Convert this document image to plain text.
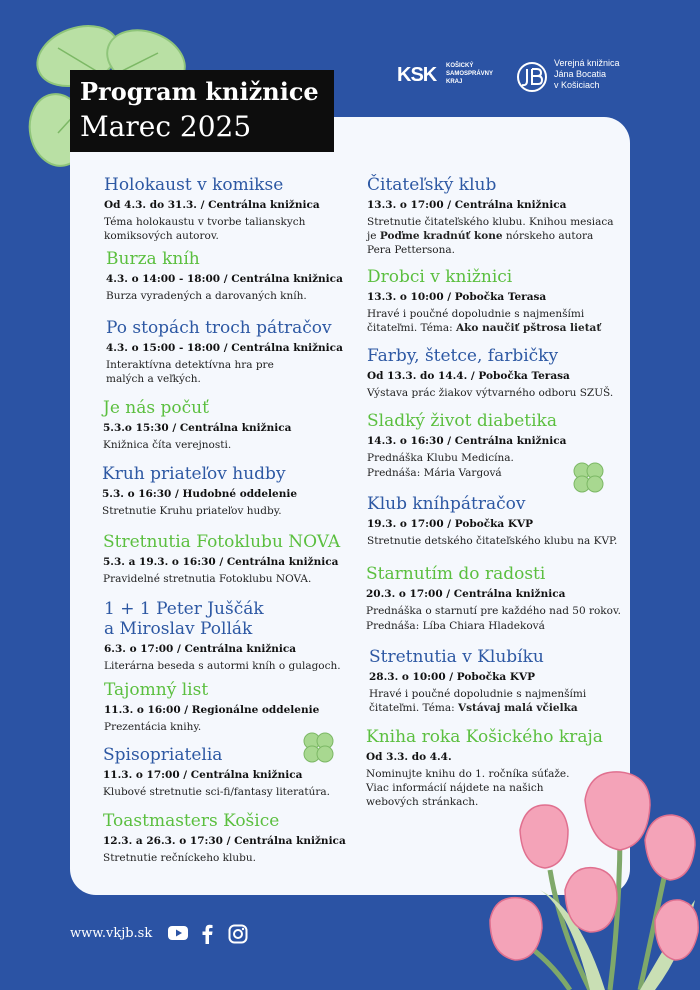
Program knižnice
Marec 2025
KSK KOŠICKÝ
SAMOSPRÁVNY
KRAJ
Verejná knižnica
Jána Bocatia
v Košiciach
Holokaust v komikse
Od 4.3. do 31.3. / Centrálna knižnica
Téma holokaustu v tvorbe talianskych komiksových autorov.
Burza kníh
4.3. o 14:00 - 18:00 / Centrálna knižnica
Burza vyradených a darovaných kníh.
Po stopách troch pátračov
4.3. o 15:00 - 18:00 / Centrálna knižnica
Interaktívna detektívna hra pre malých a veľkých.
Je nás počuť
5.3.o 15:30 / Centrálna knižnica
Knižnica číta verejnosti.
Kruh priateľov hudby
5.3. o 16:30 / Hudobné oddelenie
Stretnutie Kruhu priateľov hudby.
Stretnutia Fotoklubu NOVA
5.3. a 19.3. o 16:30 / Centrálna knižnica
Pravidelné stretnutia Fotoklubu NOVA.
1 + 1 Peter Juščák
a Miroslav Pollák
6.3. o 17:00 / Centrálna knižnica
Literárna beseda s autormi kníh o gulagoch.
Tajomný list
11.3. o 16:00 / Regionálne oddelenie
Prezentácia knihy.
Spisopriatelia
11.3. o 17:00 / Centrálna knižnica
Klubové stretnutie sci-fi/fantasy literatúra.
Toastmasters Košice
12.3. a 26.3. o 17:30 / Centrálna knižnica
Stretnutie rečníckeho klubu.
Čitateľský klub
13.3. o 17:00 / Centrálna knižnica
Stretnutie čitateľského klubu. Knihou mesiaca je Poďme kradnúť kone nórskeho autora Pera Pettersona.
Drobci v knižnici
13.3. o 10:00 / Pobočka Terasa
Hravé i poučné dopoludnie s najmenšími čitateľmi. Téma: Ako naučiť pštrosa lietať
Farby, štetce, farbičky
Od 13.3. do 14.4. / Pobočka Terasa
Výstava prác žiakov výtvarného odboru SZUŠ.
Sladký život diabetika
14.3. o 16:30 / Centrálna knižnica
Prednáška Klubu Medicína.
Prednáša: Mária Vargová
Klub kníhpátračov
19.3. o 17:00 / Pobočka KVP
Stretnutie detského čitateľského klubu na KVP.
Starnutím do radosti
20.3. o 17:00 / Centrálna knižnica
Prednáška o starnutí pre každého nad 50 rokov.
Prednáša: Líba Chiara Hladeková
Stretnutia v Klubíku
28.3. o 10:00 / Pobočka KVP
Hravé i poučné dopoludnie s najmenšími čitateľmi. Téma: Vstávaj malá včielka
Kniha roka Košického kraja
Od 3.3. do 4.4.
Nominujte knihu do 1. ročníka súťaže. Viac informácií nájdete na našich webových stránkach.
www.vkjb.sk
